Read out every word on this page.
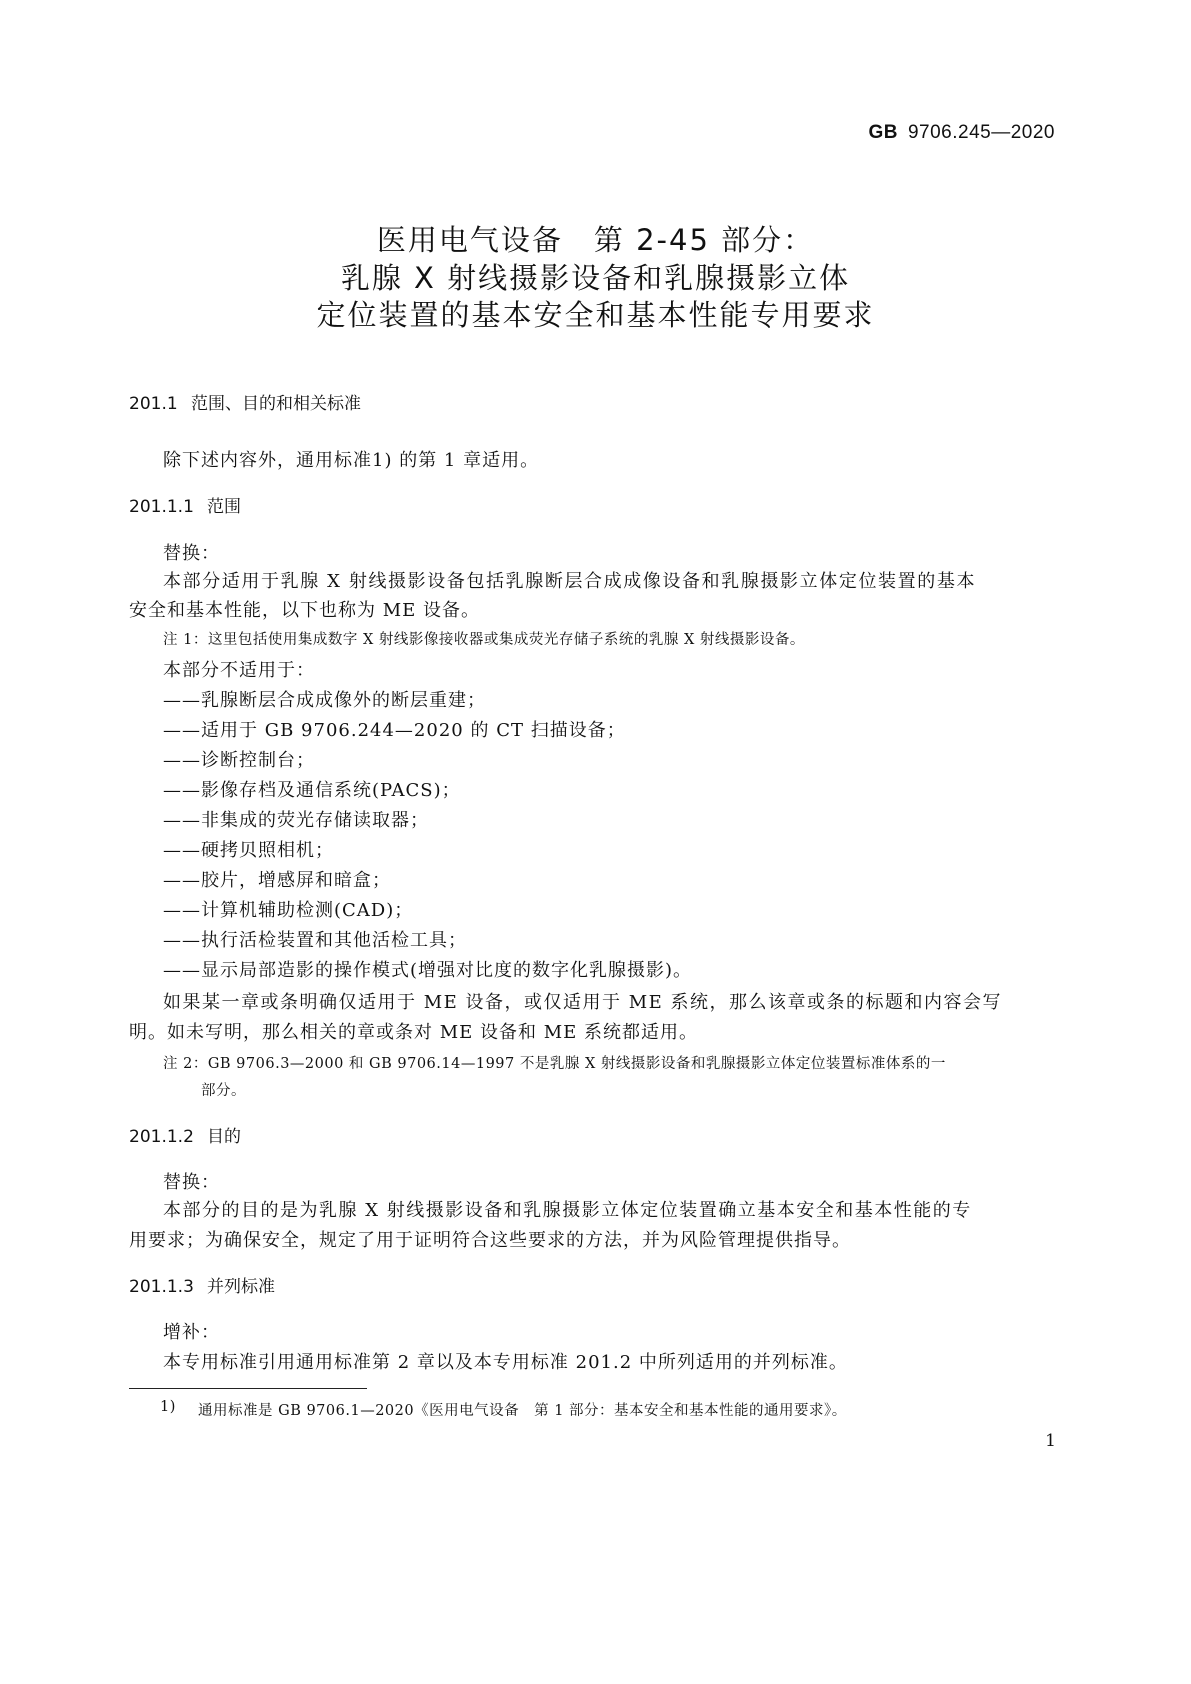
GB 9706.245—2020
医用电气设备　第 2-45 部分：
乳腺 X 射线摄影设备和乳腺摄影立体
定位装置的基本安全和基本性能专用要求
201.1 范围、目的和相关标准
除下述内容外，通用标准1) 的第 1 章适用。
201.1.1 范围
替换：
本部分适用于乳腺 X 射线摄影设备包括乳腺断层合成成像设备和乳腺摄影立体定位装置的基本
安全和基本性能，以下也称为 ME 设备。
注 1：这里包括使用集成数字 X 射线影像接收器或集成荧光存储子系统的乳腺 X 射线摄影设备。
本部分不适用于：
——乳腺断层合成成像外的断层重建；
——适用于 GB 9706.244—2020 的 CT 扫描设备；
——诊断控制台；
——影像存档及通信系统(PACS)；
——非集成的荧光存储读取器；
——硬拷贝照相机；
——胶片，增感屏和暗盒；
——计算机辅助检测(CAD)；
——执行活检装置和其他活检工具；
——显示局部造影的操作模式(增强对比度的数字化乳腺摄影)。
如果某一章或条明确仅适用于 ME 设备，或仅适用于 ME 系统，那么该章或条的标题和内容会写
明。如未写明，那么相关的章或条对 ME 设备和 ME 系统都适用。
注 2：GB 9706.3—2000 和 GB 9706.14—1997 不是乳腺 X 射线摄影设备和乳腺摄影立体定位装置标准体系的一
部分。
201.1.2 目的
替换：
本部分的目的是为乳腺 X 射线摄影设备和乳腺摄影立体定位装置确立基本安全和基本性能的专
用要求；为确保安全，规定了用于证明符合这些要求的方法，并为风险管理提供指导。
201.1.3 并列标准
增补：
本专用标准引用通用标准第 2 章以及本专用标准 201.2 中所列适用的并列标准。
1) 通用标准是 GB 9706.1—2020《医用电气设备　第 1 部分：基本安全和基本性能的通用要求》。
1
